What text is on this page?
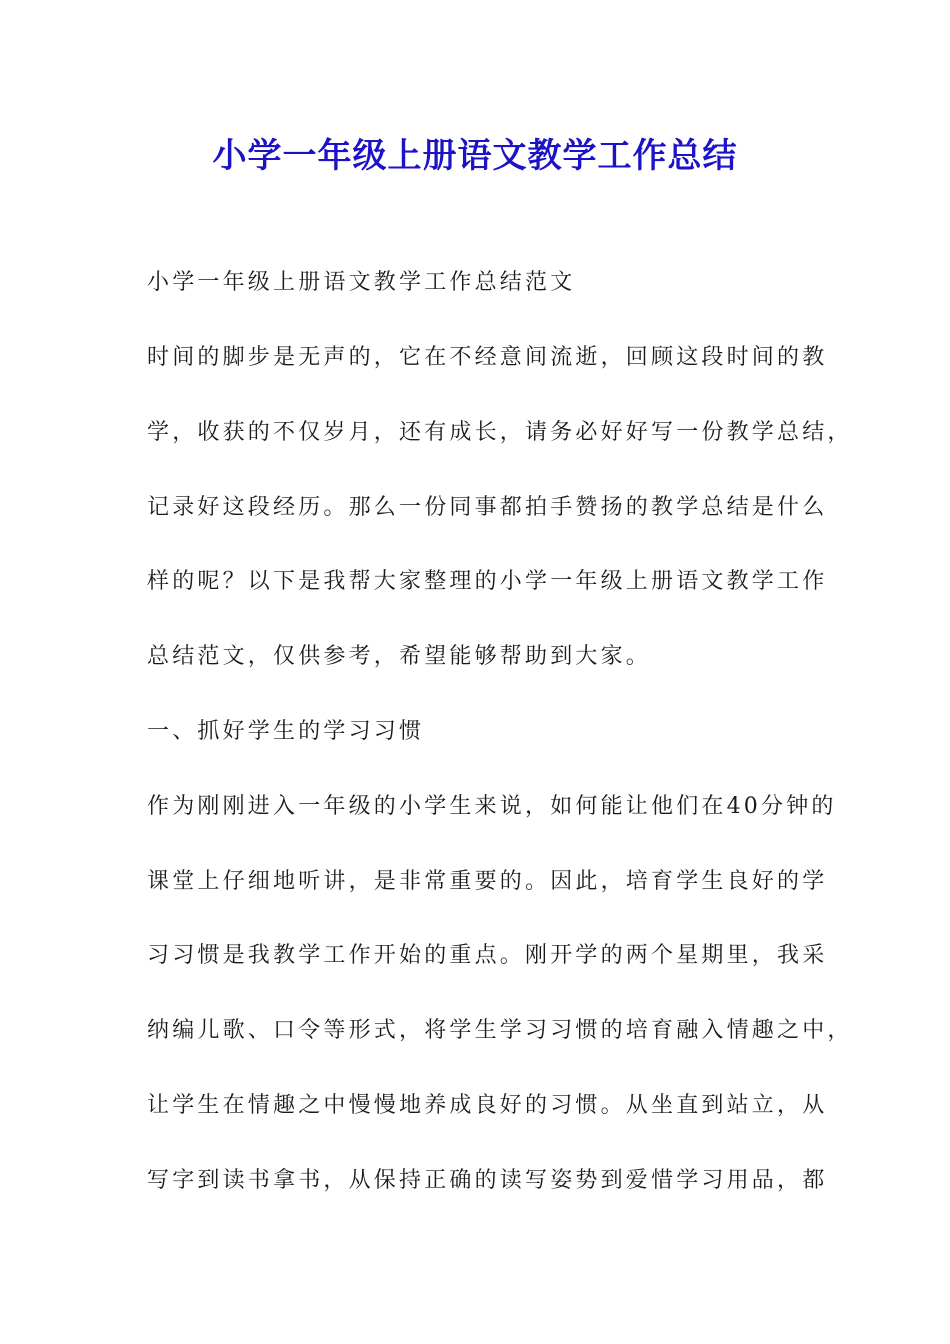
小学一年级上册语文教学工作总结
小学一年级上册语文教学工作总结范文
时间的脚步是无声的，它在不经意间流逝，回顾这段时间的教
学，收获的不仅岁月，还有成长，请务必好好写一份教学总结，
记录好这段经历。那么一份同事都拍手赞扬的教学总结是什么
样的呢？以下是我帮大家整理的小学一年级上册语文教学工作
总结范文，仅供参考，希望能够帮助到大家。
一、抓好学生的学习习惯
作为刚刚进入一年级的小学生来说，如何能让他们在40分钟的
课堂上仔细地听讲，是非常重要的。因此，培育学生良好的学
习习惯是我教学工作开始的重点。刚开学的两个星期里，我采
纳编儿歌、口令等形式，将学生学习习惯的培育融入情趣之中，
让学生在情趣之中慢慢地养成良好的习惯。从坐直到站立，从
写字到读书拿书，从保持正确的读写姿势到爱惜学习用品，都
